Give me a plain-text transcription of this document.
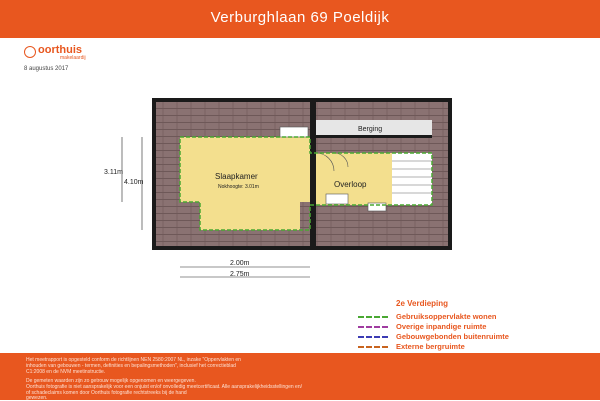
Verburghlaan 69 Poeldijk
oorthuis
makelaardij
8 augustus 2017
Slaapkamer
Nokhoogte: 3.01m	Overloop
Berging
3.11m
4.10m
2.00m
2.75m
2e Verdieping
Gebruiksoppervlakte wonen
Overige inpandige ruimte
Gebouwgebonden buitenruimte
Externe bergruimte

Het meetrapport is opgesteld conform de richtlijnen NEN 2580:2007 NL, inzake "Oppervlakten en

inhouden van gebouwen - termen, definities en bepalingsmethoden", inclusief het correctieblad

C1:2008 en de NVM meetinstructie.

De gemeten waarden zijn zo getrouw mogelijk opgenomen en weergegeven.

Oorthuis fotografie is niet aansprakelijk voor een onjuist en/of onvolledig meetcertificaat. Alle aansprakelijkheidsstellingen en/

of schadeclaims komen door Oorthuis fotografie rechtstreeks bij de hand

gewezen.
